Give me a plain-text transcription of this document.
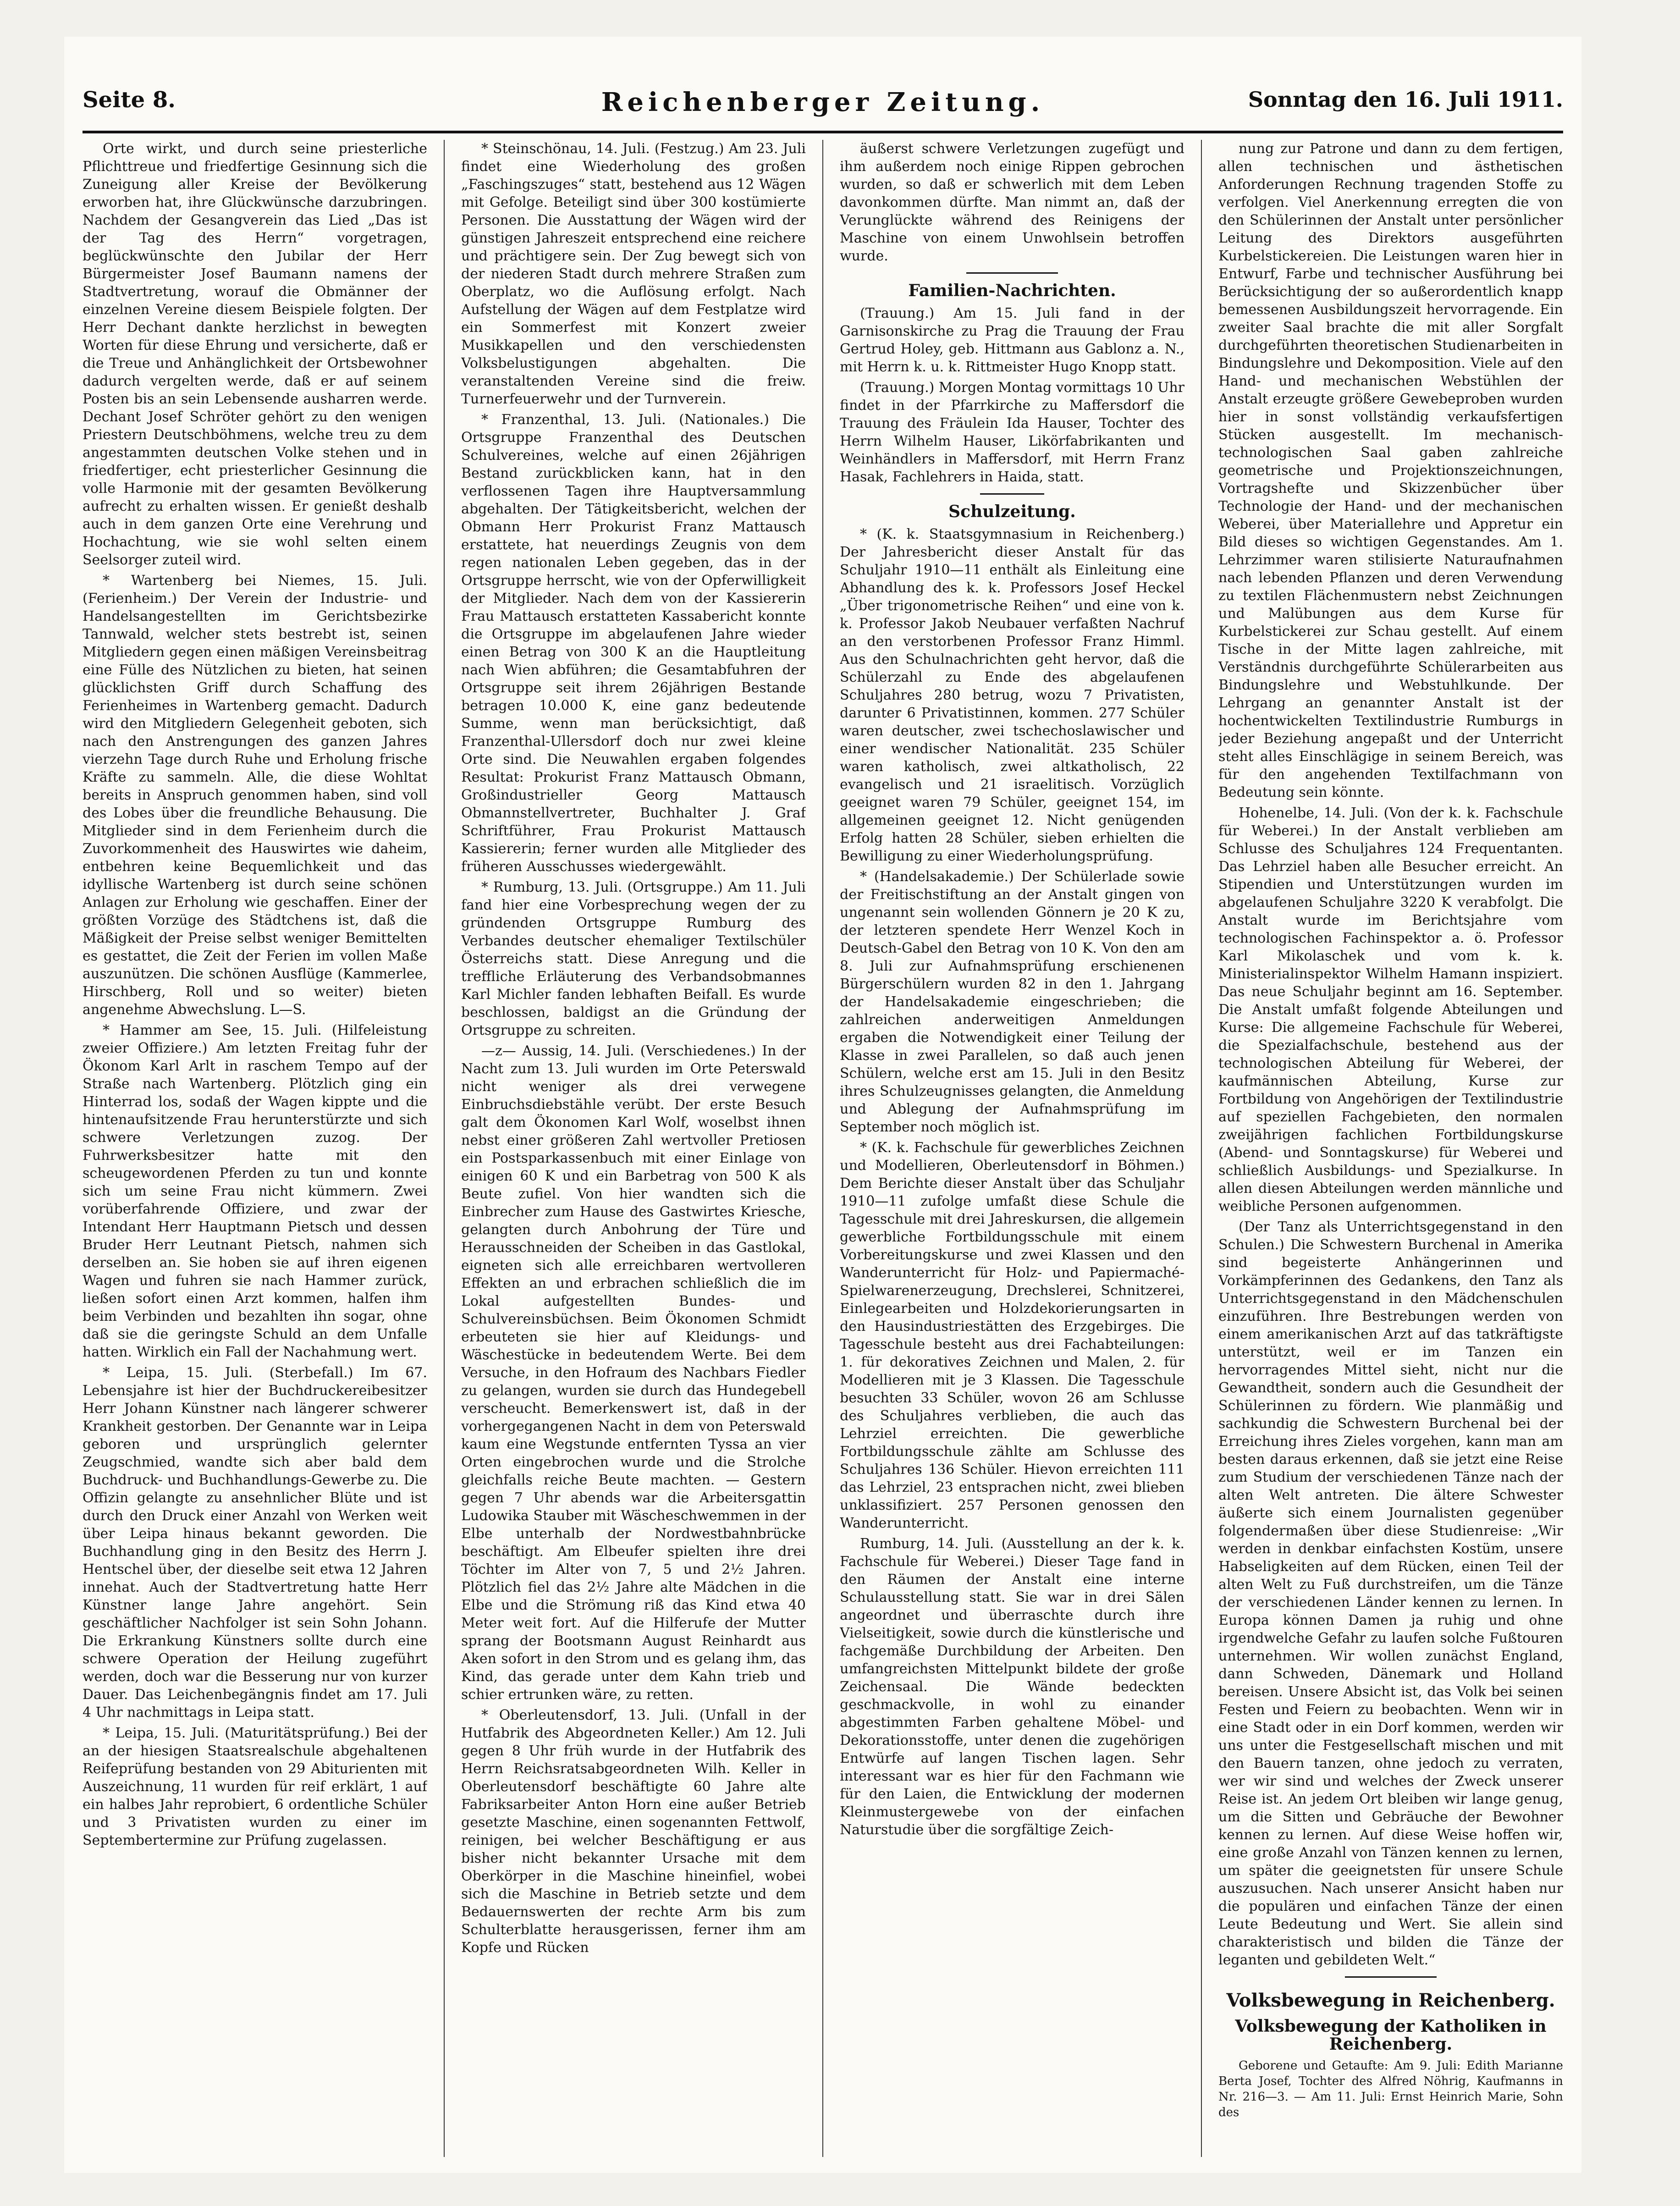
Seite 8.	Reichenberger Zeitung.	Sonntag den 16. Juli 1911.

Orte wirkt, und durch seine priesterliche Pflichttreue und friedfertige Gesinnung sich die Zuneigung aller Kreise der Bevölkerung erworben hat, ihre Glückwünsche darzubringen. Nachdem der Gesangverein das Lied „Das ist der Tag des Herrn“ vorgetragen, beglückwünschte den Jubilar der Herr Bürgermeister Josef Baumann namens der Stadtvertretung, worauf die Obmänner der einzelnen Vereine diesem Beispiele folgten. Der Herr Dechant dankte herzlichst in bewegten Worten für diese Ehrung und versicherte, daß er die Treue und Anhänglichkeit der Ortsbewohner dadurch vergelten werde, daß er auf seinem Posten bis an sein Lebensende ausharren werde. Dechant Josef Schröter gehört zu den wenigen Priestern Deutschböhmens, welche treu zu dem angestammten deutschen Volke stehen und in friedfertiger, echt priesterlicher Gesinnung die volle Harmonie mit der gesamten Bevölkerung aufrecht zu erhalten wissen. Er genießt deshalb auch in dem ganzen Orte eine Verehrung und Hochachtung, wie sie wohl selten einem Seelsorger zuteil wird.

* Wartenberg bei Niemes, 15. Juli. (Ferienheim.) Der Verein der Industrie- und Handelsangestellten im Gerichtsbezirke Tannwald, welcher stets bestrebt ist, seinen Mitgliedern gegen einen mäßigen Vereinsbeitrag eine Fülle des Nützlichen zu bieten, hat seinen glücklichsten Griff durch Schaffung des Ferienheimes in Wartenberg gemacht. Dadurch wird den Mitgliedern Gelegenheit geboten, sich nach den Anstrengungen des ganzen Jahres vierzehn Tage durch Ruhe und Erholung frische Kräfte zu sammeln. Alle, die diese Wohltat bereits in Anspruch genommen haben, sind voll des Lobes über die freundliche Behausung. Die Mitglieder sind in dem Ferienheim durch die Zuvorkommenheit des Hauswirtes wie daheim, entbehren keine Bequemlichkeit und das idyllische Wartenberg ist durch seine schönen Anlagen zur Erholung wie geschaffen. Einer der größten Vorzüge des Städtchens ist, daß die Mäßigkeit der Preise selbst weniger Bemittelten es gestattet, die Zeit der Ferien im vollen Maße auszunützen. Die schönen Ausflüge (Kammerlee, Hirschberg, Roll und so weiter) bieten angenehme Abwechslung. L—S.

* Hammer am See, 15. Juli. (Hilfeleistung zweier Offiziere.) Am letzten Freitag fuhr der Ökonom Karl Arlt in raschem Tempo auf der Straße nach Wartenberg. Plötzlich ging ein Hinterrad los, sodaß der Wagen kippte und die hintenaufsitzende Frau herunterstürzte und sich schwere Verletzungen zuzog. Der Fuhrwerksbesitzer hatte mit den scheugewordenen Pferden zu tun und konnte sich um seine Frau nicht kümmern. Zwei vorüberfahrende Offiziere, und zwar der Intendant Herr Hauptmann Pietsch und dessen Bruder Herr Leutnant Pietsch, nahmen sich derselben an. Sie hoben sie auf ihren eigenen Wagen und fuhren sie nach Hammer zurück, ließen sofort einen Arzt kommen, halfen ihm beim Verbinden und bezahlten ihn sogar, ohne daß sie die geringste Schuld an dem Unfalle hatten. Wirklich ein Fall der Nachahmung wert.

* Leipa, 15. Juli. (Sterbefall.) Im 67. Lebensjahre ist hier der Buchdruckereibesitzer Herr Johann Künstner nach längerer schwerer Krankheit gestorben. Der Genannte war in Leipa geboren und ursprünglich gelernter Zeugschmied, wandte sich aber bald dem Buchdruck- und Buchhandlungs-Gewerbe zu. Die Offizin gelangte zu ansehnlicher Blüte und ist durch den Druck einer Anzahl von Werken weit über Leipa hinaus bekannt geworden. Die Buchhandlung ging in den Besitz des Herrn J. Hentschel über, der dieselbe seit etwa 12 Jahren innehat. Auch der Stadtvertretung hatte Herr Künstner lange Jahre angehört. Sein geschäftlicher Nachfolger ist sein Sohn Johann. Die Erkrankung Künstners sollte durch eine schwere Operation der Heilung zugeführt werden, doch war die Besserung nur von kurzer Dauer. Das Leichenbegängnis findet am 17. Juli 4 Uhr nachmittags in Leipa statt.

* Leipa, 15. Juli. (Maturitätsprüfung.) Bei der an der hiesigen Staatsrealschule abgehaltenen Reifeprüfung bestanden von 29 Abiturienten mit Auszeichnung, 11 wurden für reif erklärt, 1 auf ein halbes Jahr reprobiert, 6 ordentliche Schüler und 3 Privatisten wurden zu einer im Septembertermine zur Prüfung zugelassen.

* Steinschönau, 14. Juli. (Festzug.) Am 23. Juli findet eine Wiederholung des großen „Faschingszuges“ statt, bestehend aus 12 Wägen mit Gefolge. Beteiligt sind über 300 kostümierte Personen. Die Ausstattung der Wägen wird der günstigen Jahreszeit entsprechend eine reichere und prächtigere sein. Der Zug bewegt sich von der niederen Stadt durch mehrere Straßen zum Oberplatz, wo die Auflösung erfolgt. Nach Aufstellung der Wägen auf dem Festplatze wird ein Sommerfest mit Konzert zweier Musikkapellen und den verschiedensten Volksbelustigungen abgehalten. Die veranstaltenden Vereine sind die freiw. Turnerfeuerwehr und der Turnverein.

* Franzenthal, 13. Juli. (Nationales.) Die Ortsgruppe Franzenthal des Deutschen Schulvereines, welche auf einen 26jährigen Bestand zurückblicken kann, hat in den verflossenen Tagen ihre Hauptversammlung abgehalten. Der Tätigkeitsbericht, welchen der Obmann Herr Prokurist Franz Mattausch erstattete, hat neuerdings Zeugnis von dem regen nationalen Leben gegeben, das in der Ortsgruppe herrscht, wie von der Opferwilligkeit der Mitglieder. Nach dem von der Kassiererin Frau Mattausch erstatteten Kassabericht konnte die Ortsgruppe im abgelaufenen Jahre wieder einen Betrag von 300 K an die Hauptleitung nach Wien abführen; die Gesamtabfuhren der Ortsgruppe seit ihrem 26jährigen Bestande betragen 10.000 K, eine ganz bedeutende Summe, wenn man berücksichtigt, daß Franzenthal-Ullersdorf doch nur zwei kleine Orte sind. Die Neuwahlen ergaben folgendes Resultat: Prokurist Franz Mattausch Obmann, Großindustrieller Georg Mattausch Obmannstellvertreter, Buchhalter J. Graf Schriftführer, Frau Prokurist Mattausch Kassiererin; ferner wurden alle Mitglieder des früheren Ausschusses wiedergewählt.

* Rumburg, 13. Juli. (Ortsgruppe.) Am 11. Juli fand hier eine Vorbesprechung wegen der zu gründenden Ortsgruppe Rumburg des Verbandes deutscher ehemaliger Textilschüler Österreichs statt. Diese Anregung und die treffliche Erläuterung des Verbandsobmannes Karl Michler fanden lebhaften Beifall. Es wurde beschlossen, baldigst an die Gründung der Ortsgruppe zu schreiten.

—z— Aussig, 14. Juli. (Verschiedenes.) In der Nacht zum 13. Juli wurden im Orte Peterswald nicht weniger als drei verwegene Einbruchsdiebstähle verübt. Der erste Besuch galt dem Ökonomen Karl Wolf, woselbst ihnen nebst einer größeren Zahl wertvoller Pretiosen ein Postsparkassenbuch mit einer Einlage von einigen 60 K und ein Barbetrag von 500 K als Beute zufiel. Von hier wandten sich die Einbrecher zum Hause des Gastwirtes Kriesche, gelangten durch Anbohrung der Türe und Herausschneiden der Scheiben in das Gastlokal, eigneten sich alle erreichbaren wertvolleren Effekten an und erbrachen schließlich die im Lokal aufgestellten Bundes- und Schulvereinsbüchsen. Beim Ökonomen Schmidt erbeuteten sie hier auf Kleidungs- und Wäschestücke in bedeutendem Werte. Bei dem Versuche, in den Hofraum des Nachbars Fiedler zu gelangen, wurden sie durch das Hundegebell verscheucht. Bemerkenswert ist, daß in der vorhergegangenen Nacht in dem von Peterswald kaum eine Wegstunde entfernten Tyssa an vier Orten eingebrochen wurde und die Strolche gleichfalls reiche Beute machten. — Gestern gegen 7 Uhr abends war die Arbeitersgattin Ludowika Stauber mit Wäscheschwemmen in der Elbe unterhalb der Nordwestbahnbrücke beschäftigt. Am Elbeufer spielten ihre drei Töchter im Alter von 7, 5 und 2½ Jahren. Plötzlich fiel das 2½ Jahre alte Mädchen in die Elbe und die Strömung riß das Kind etwa 40 Meter weit fort. Auf die Hilferufe der Mutter sprang der Bootsmann August Reinhardt aus Aken sofort in den Strom und es gelang ihm, das Kind, das gerade unter dem Kahn trieb und schier ertrunken wäre, zu retten.

* Oberleutensdorf, 13. Juli. (Unfall in der Hutfabrik des Abgeordneten Keller.) Am 12. Juli gegen 8 Uhr früh wurde in der Hutfabrik des Herrn Reichsratsabgeordneten Wilh. Keller in Oberleutensdorf beschäftigte 60 Jahre alte Fabriksarbeiter Anton Horn eine außer Betrieb gesetzte Maschine, einen sogenannten Fettwolf, reinigen, bei welcher Beschäftigung er aus bisher nicht bekannter Ursache mit dem Oberkörper in die Maschine hineinfiel, wobei sich die Maschine in Betrieb setzte und dem Bedauernswerten der rechte Arm bis zum Schulterblatte herausgerissen, ferner ihm am Kopfe und Rücken

äußerst schwere Verletzungen zugefügt und ihm außerdem noch einige Rippen gebrochen wurden, so daß er schwerlich mit dem Leben davonkommen dürfte. Man nimmt an, daß der Verunglückte während des Reinigens der Maschine von einem Unwohlsein betroffen wurde.

Familien-Nachrichten.

(Trauung.) Am 15. Juli fand in der Garnisonskirche zu Prag die Trauung der Frau Gertrud Holey, geb. Hittmann aus Gablonz a. N., mit Herrn k. u. k. Rittmeister Hugo Knopp statt.

(Trauung.) Morgen Montag vormittags 10 Uhr findet in der Pfarrkirche zu Maffersdorf die Trauung des Fräulein Ida Hauser, Tochter des Herrn Wilhelm Hauser, Likörfabrikanten und Weinhändlers in Maffersdorf, mit Herrn Franz Hasak, Fachlehrers in Haida, statt.

Schulzeitung.

* (K. k. Staatsgymnasium in Reichenberg.) Der Jahresbericht dieser Anstalt für das Schuljahr 1910—11 enthält als Einleitung eine Abhandlung des k. k. Professors Josef Heckel „Über trigonometrische Reihen“ und eine von k. k. Professor Jakob Neubauer verfaßten Nachruf an den verstorbenen Professor Franz Himml. Aus den Schulnachrichten geht hervor, daß die Schülerzahl zu Ende des abgelaufenen Schuljahres 280 betrug, wozu 7 Privatisten, darunter 6 Privatistinnen, kommen. 277 Schüler waren deutscher, zwei tschechoslawischer und einer wendischer Nationalität. 235 Schüler waren katholisch, zwei altkatholisch, 22 evangelisch und 21 israelitisch. Vorzüglich geeignet waren 79 Schüler, geeignet 154, im allgemeinen geeignet 12. Nicht genügenden Erfolg hatten 28 Schüler, sieben erhielten die Bewilligung zu einer Wiederholungsprüfung.

* (Handelsakademie.) Der Schülerlade sowie der Freitischstiftung an der Anstalt gingen von ungenannt sein wollenden Gönnern je 20 K zu, der letzteren spendete Herr Wenzel Koch in Deutsch-Gabel den Betrag von 10 K. Von den am 8. Juli zur Aufnahmsprüfung erschienenen Bürgerschülern wurden 82 in den 1. Jahrgang der Handelsakademie eingeschrieben; die zahlreichen anderweitigen Anmeldungen ergaben die Notwendigkeit einer Teilung der Klasse in zwei Parallelen, so daß auch jenen Schülern, welche erst am 15. Juli in den Besitz ihres Schulzeugnisses gelangten, die Anmeldung und Ablegung der Aufnahmsprüfung im September noch möglich ist.

* (K. k. Fachschule für gewerbliches Zeichnen und Modellieren, Oberleutensdorf in Böhmen.) Dem Berichte dieser Anstalt über das Schuljahr 1910—11 zufolge umfaßt diese Schule die Tagesschule mit drei Jahreskursen, die allgemein gewerbliche Fortbildungsschule mit einem Vorbereitungskurse und zwei Klassen und den Wanderunterricht für Holz- und Papiermaché-Spielwarenerzeugung, Drechslerei, Schnitzerei, Einlegearbeiten und Holzdekorierungsarten in den Hausindustriestätten des Erzgebirges. Die Tagesschule besteht aus drei Fachabteilungen: 1. für dekoratives Zeichnen und Malen, 2. für Modellieren mit je 3 Klassen. Die Tagesschule besuchten 33 Schüler, wovon 26 am Schlusse des Schuljahres verblieben, die auch das Lehrziel erreichten. Die gewerbliche Fortbildungsschule zählte am Schlusse des Schuljahres 136 Schüler. Hievon erreichten 111 das Lehrziel, 23 entsprachen nicht, zwei blieben unklassifiziert. 257 Personen genossen den Wanderunterricht.

Rumburg, 14. Juli. (Ausstellung an der k. k. Fachschule für Weberei.) Dieser Tage fand in den Räumen der Anstalt eine interne Schulausstellung statt. Sie war in drei Sälen angeordnet und überraschte durch ihre Vielseitigkeit, sowie durch die künstlerische und fachgemäße Durchbildung der Arbeiten. Den umfangreichsten Mittelpunkt bildete der große Zeichensaal. Die Wände bedeckten geschmackvolle, in wohl zu einander abgestimmten Farben gehaltene Möbel- und Dekorationsstoffe, unter denen die zugehörigen Entwürfe auf langen Tischen lagen. Sehr interessant war es hier für den Fachmann wie für den Laien, die Entwicklung der modernen Kleinmustergewebe von der einfachen Naturstudie über die sorgfältige Zeich-

nung zur Patrone und dann zu dem fertigen, allen technischen und ästhetischen Anforderungen Rechnung tragenden Stoffe zu verfolgen. Viel Anerkennung erregten die von den Schülerinnen der Anstalt unter persönlicher Leitung des Direktors ausgeführten Kurbelstickereien. Die Leistungen waren hier in Entwurf, Farbe und technischer Ausführung bei Berücksichtigung der so außerordentlich knapp bemessenen Ausbildungszeit hervorragende. Ein zweiter Saal brachte die mit aller Sorgfalt durchgeführten theoretischen Studienarbeiten in Bindungslehre und Dekomposition. Viele auf den Hand- und mechanischen Webstühlen der Anstalt erzeugte größere Gewebeproben wurden hier in sonst vollständig verkaufsfertigen Stücken ausgestellt. Im mechanisch-technologischen Saal gaben zahlreiche geometrische und Projektionszeichnungen, Vortragshefte und Skizzenbücher über Technologie der Hand- und der mechanischen Weberei, über Materiallehre und Appretur ein Bild dieses so wichtigen Gegenstandes. Am 1. Lehrzimmer waren stilisierte Naturaufnahmen nach lebenden Pflanzen und deren Verwendung zu textilen Flächenmustern nebst Zeichnungen und Malübungen aus dem Kurse für Kurbelstickerei zur Schau gestellt. Auf einem Tische in der Mitte lagen zahlreiche, mit Verständnis durchgeführte Schülerarbeiten aus Bindungslehre und Webstuhlkunde. Der Lehrgang an genannter Anstalt ist der hochentwickelten Textilindustrie Rumburgs in jeder Beziehung angepaßt und der Unterricht steht alles Einschlägige in seinem Bereich, was für den angehenden Textilfachmann von Bedeutung sein könnte.

Hohenelbe, 14. Juli. (Von der k. k. Fachschule für Weberei.) In der Anstalt verblieben am Schlusse des Schuljahres 124 Frequentanten. Das Lehrziel haben alle Besucher erreicht. An Stipendien und Unterstützungen wurden im abgelaufenen Schuljahre 3220 K verabfolgt. Die Anstalt wurde im Berichtsjahre vom technologischen Fachinspektor a. ö. Professor Karl Mikolaschek und vom k. k. Ministerialinspektor Wilhelm Hamann inspiziert. Das neue Schuljahr beginnt am 16. September. Die Anstalt umfaßt folgende Abteilungen und Kurse: Die allgemeine Fachschule für Weberei, die Spezialfachschule, bestehend aus der technologischen Abteilung für Weberei, der kaufmännischen Abteilung, Kurse zur Fortbildung von Angehörigen der Textilindustrie auf speziellen Fachgebieten, den normalen zweijährigen fachlichen Fortbildungskurse (Abend- und Sonntagskurse) für Weberei und schließlich Ausbildungs- und Spezialkurse. In allen diesen Abteilungen werden männliche und weibliche Personen aufgenommen.

(Der Tanz als Unterrichtsgegenstand in den Schulen.) Die Schwestern Burchenal in Amerika sind begeisterte Anhängerinnen und Vorkämpferinnen des Gedankens, den Tanz als Unterrichtsgegenstand in den Mädchenschulen einzuführen. Ihre Bestrebungen werden von einem amerikanischen Arzt auf das tatkräftigste unterstützt, weil er im Tanzen ein hervorragendes Mittel sieht, nicht nur die Gewandtheit, sondern auch die Gesundheit der Schülerinnen zu fördern. Wie planmäßig und sachkundig die Schwestern Burchenal bei der Erreichung ihres Zieles vorgehen, kann man am besten daraus erkennen, daß sie jetzt eine Reise zum Studium der verschiedenen Tänze nach der alten Welt antreten. Die ältere Schwester äußerte sich einem Journalisten gegenüber folgendermaßen über diese Studienreise: „Wir werden in denkbar einfachsten Kostüm, unsere Habseligkeiten auf dem Rücken, einen Teil der alten Welt zu Fuß durchstreifen, um die Tänze der verschiedenen Länder kennen zu lernen. In Europa können Damen ja ruhig und ohne irgendwelche Gefahr zu laufen solche Fußtouren unternehmen. Wir wollen zunächst England, dann Schweden, Dänemark und Holland bereisen. Unsere Absicht ist, das Volk bei seinen Festen und Feiern zu beobachten. Wenn wir in eine Stadt oder in ein Dorf kommen, werden wir uns unter die Festgesellschaft mischen und mit den Bauern tanzen, ohne jedoch zu verraten, wer wir sind und welches der Zweck unserer Reise ist. An jedem Ort bleiben wir lange genug, um die Sitten und Gebräuche der Bewohner kennen zu lernen. Auf diese Weise hoffen wir, eine große Anzahl von Tänzen kennen zu lernen, um später die geeignetsten für unsere Schule auszusuchen. Nach unserer Ansicht haben nur die populären und einfachen Tänze der einen Leute Bedeutung und Wert. Sie allein sind charakteristisch und bilden die Tänze der leganten und gebildeten Welt.“

Volksbewegung in Reichenberg.
Volksbewegung der Katholiken in Reichenberg.

Geborene und Getaufte: Am 9. Juli: Edith Marianne Berta Josef, Tochter des Alfred Nöhrig, Kaufmanns in Nr. 216—3. — Am 11. Juli: Ernst Heinrich Marie, Sohn des
